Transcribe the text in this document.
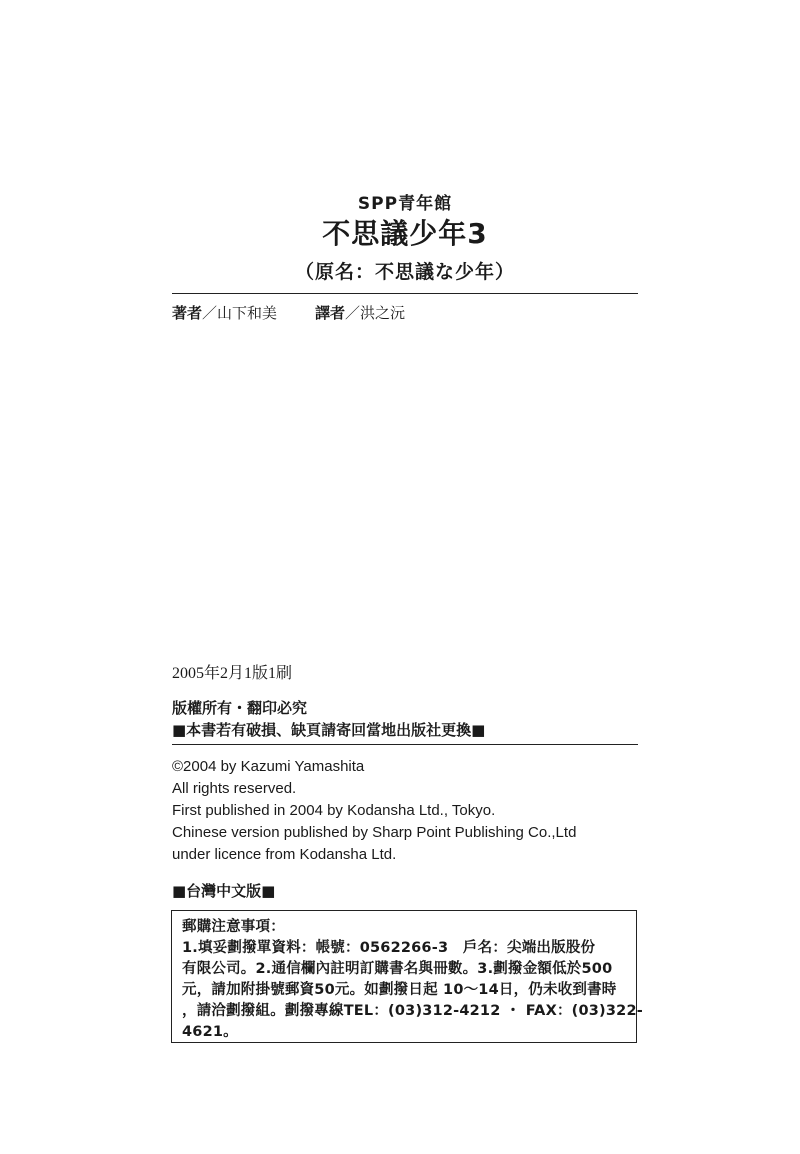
SPP青年館
不思議少年3
（原名：不思議な少年）
著者／山下和美	譯者／洪之沅
2005年2月1版1刷
版權所有・翻印必究
■本書若有破損、缺頁請寄回當地出版社更換■
©2004 by Kazumi Yamashita
All rights reserved.
First published in 2004 by Kodansha Ltd., Tokyo.
Chinese version published by Sharp Point Publishing Co.,Ltd
under licence from Kodansha Ltd.
■台灣中文版■
郵購注意事項：
1.填妥劃撥單資料：帳號：0562266-3　戶名：尖端出版股份
有限公司。2.通信欄內註明訂購書名與冊數。3.劃撥金額低於500
元，請加附掛號郵資50元。如劃撥日起 10～14日，仍未收到書時
，請洽劃撥組。劃撥專線TEL：(03)312-4212 ・ FAX：(03)322-
4621。
